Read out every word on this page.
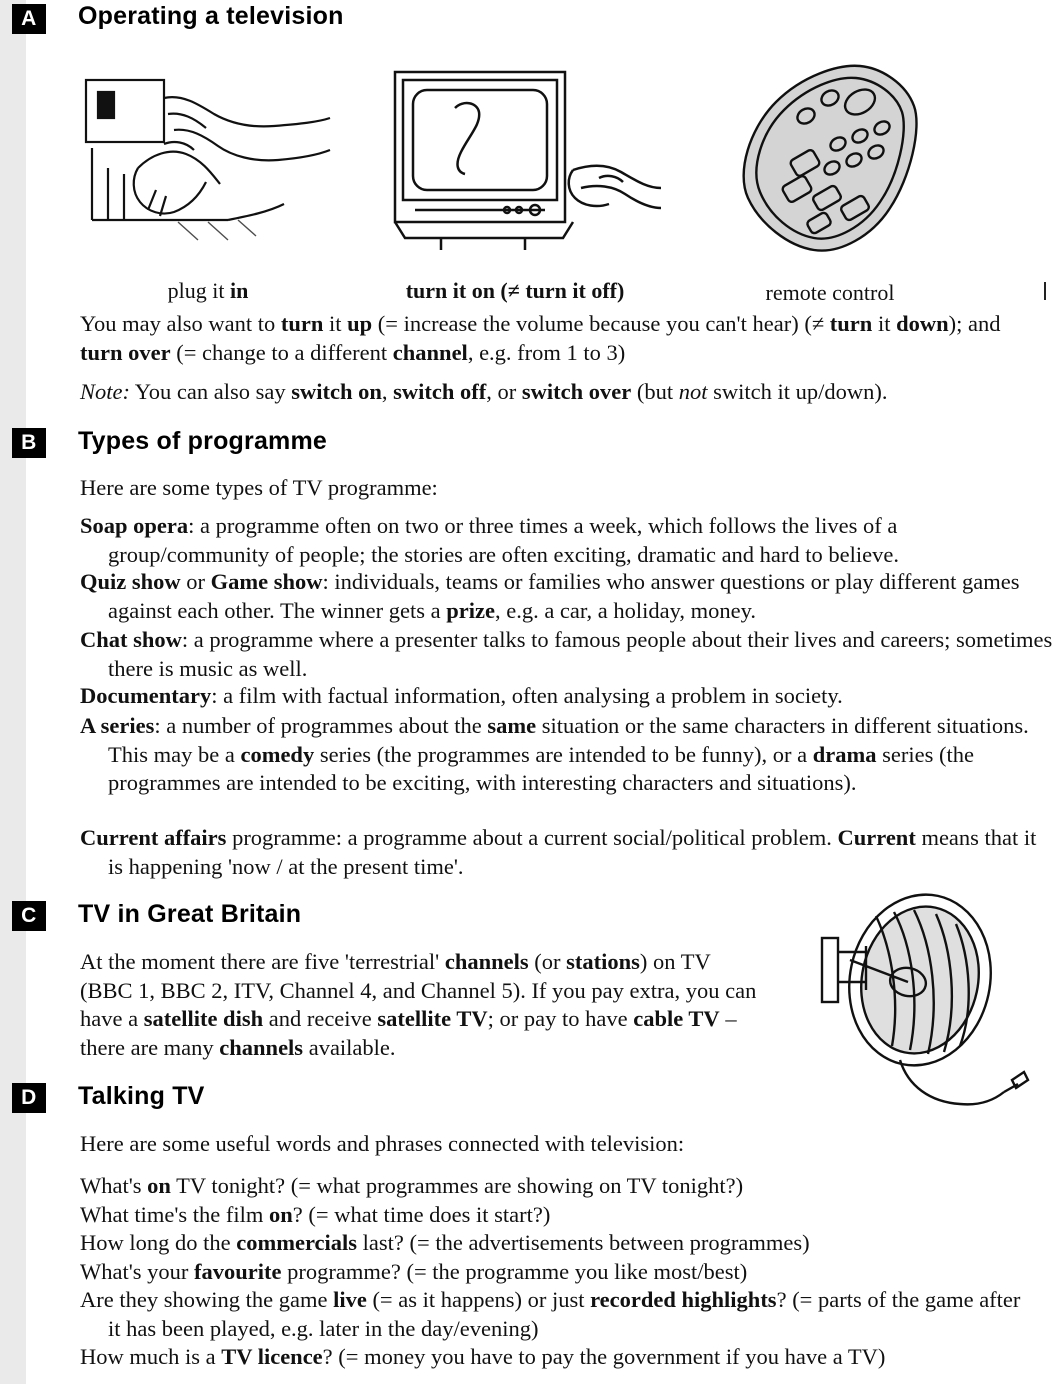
A	Operating a television
plug it in	turn it on (≠ turn it off)	remote control
You may also want to turn it up (= increase the volume because you can't hear) (≠ turn it down); and turn over (= change to a different channel, e.g. from 1 to 3)
Note: You can also say switch on, switch off, or switch over (but not switch it up/down).
B	Types of programme
Here are some types of TV programme:
Soap opera: a programme often on two or three times a week, which follows the lives of a group/community of people; the stories are often exciting, dramatic and hard to believe.
Quiz show or Game show: individuals, teams or families who answer questions or play different games against each other. The winner gets a prize, e.g. a car, a holiday, money.
Chat show: a programme where a presenter talks to famous people about their lives and careers; sometimes there is music as well.
Documentary: a film with factual information, often analysing a problem in society.
A series: a number of programmes about the same situation or the same characters in different situations. This may be a comedy series (the programmes are intended to be funny), or a drama series (the programmes are intended to be exciting, with interesting characters and situations).
Current affairs programme: a programme about a current social/political problem. Current means that it is happening 'now / at the present time'.
C	TV in Great Britain
At the moment there are five 'terrestrial' channels (or stations) on TV (BBC 1, BBC 2, ITV, Channel 4, and Channel 5). If you pay extra, you can have a satellite dish and receive satellite TV; or pay to have cable TV – there are many channels available.
D	Talking TV
Here are some useful words and phrases connected with television:

What's on TV tonight? (= what programmes are showing on TV tonight?)

What time's the film on? (= what time does it start?)

How long do the commercials last? (= the advertisements between programmes)

What's your favourite programme? (= the programme you like most/best)

Are they showing the game live (= as it happens) or just recorded highlights? (= parts of the game after it has been played, e.g. later in the day/evening)

How much is a TV licence? (= money you have to pay the government if you have a TV)
